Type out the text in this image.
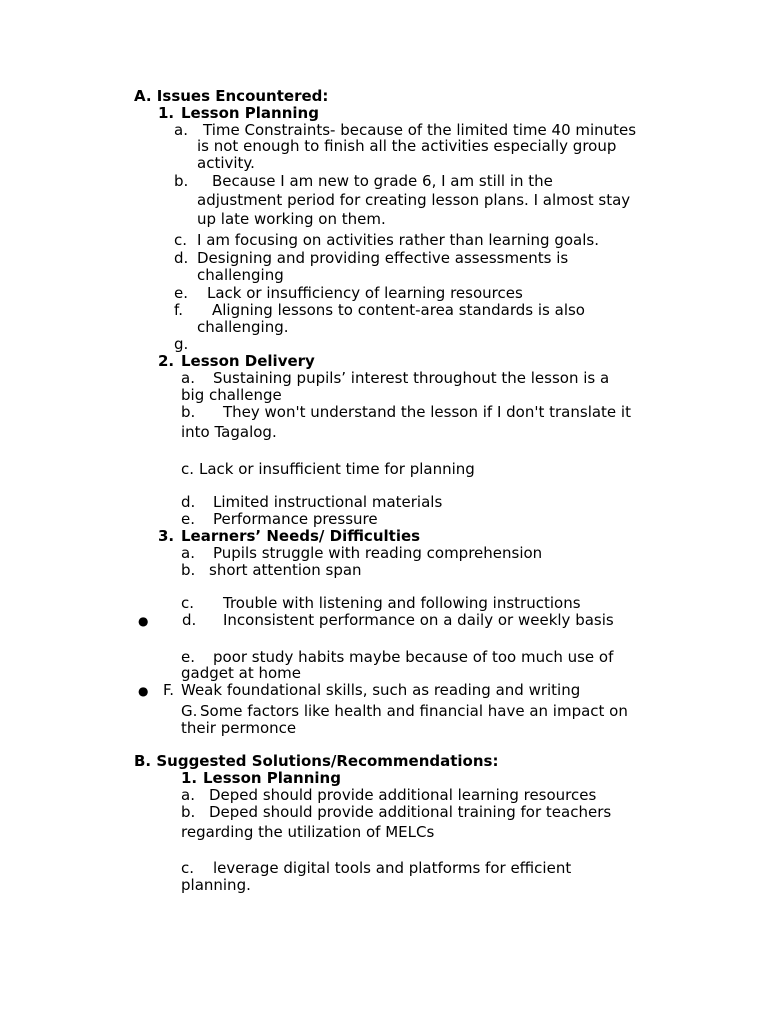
A. Issues Encountered:
1. Lesson Planning
a. Time Constraints- because of the limited time 40 minutes
is not enough to finish all the activities especially group
activity.
b. Because I am new to grade 6, I am still in the
adjustment period for creating lesson plans. I almost stay
up late working on them.
c. I am focusing on activities rather than learning goals.
d. Designing and providing effective assessments is
challenging
e. Lack or insufficiency of learning resources
f. Aligning lessons to content-area standards is also
challenging.
g.
2. Lesson Delivery
a. Sustaining pupils’ interest throughout the lesson is a
big challenge
b. They won't understand the lesson if I don't translate it
into Tagalog.
c. Lack or insufficient time for planning
d. Limited instructional materials
e. Performance pressure
3. Learners’ Needs/ Difficulties
a. Pupils struggle with reading comprehension
b. short attention span
c. Trouble with listening and following instructions
● d. Inconsistent performance on a daily or weekly basis
e. poor study habits maybe because of too much use of
gadget at home
● F. Weak foundational skills, such as reading and writing
G. Some factors like health and financial have an impact on
their permonce
B. Suggested Solutions/Recommendations:
1. Lesson Planning
a. Deped should provide additional learning resources
b. Deped should provide additional training for teachers
regarding the utilization of MELCs
c. leverage digital tools and platforms for efficient
planning.
